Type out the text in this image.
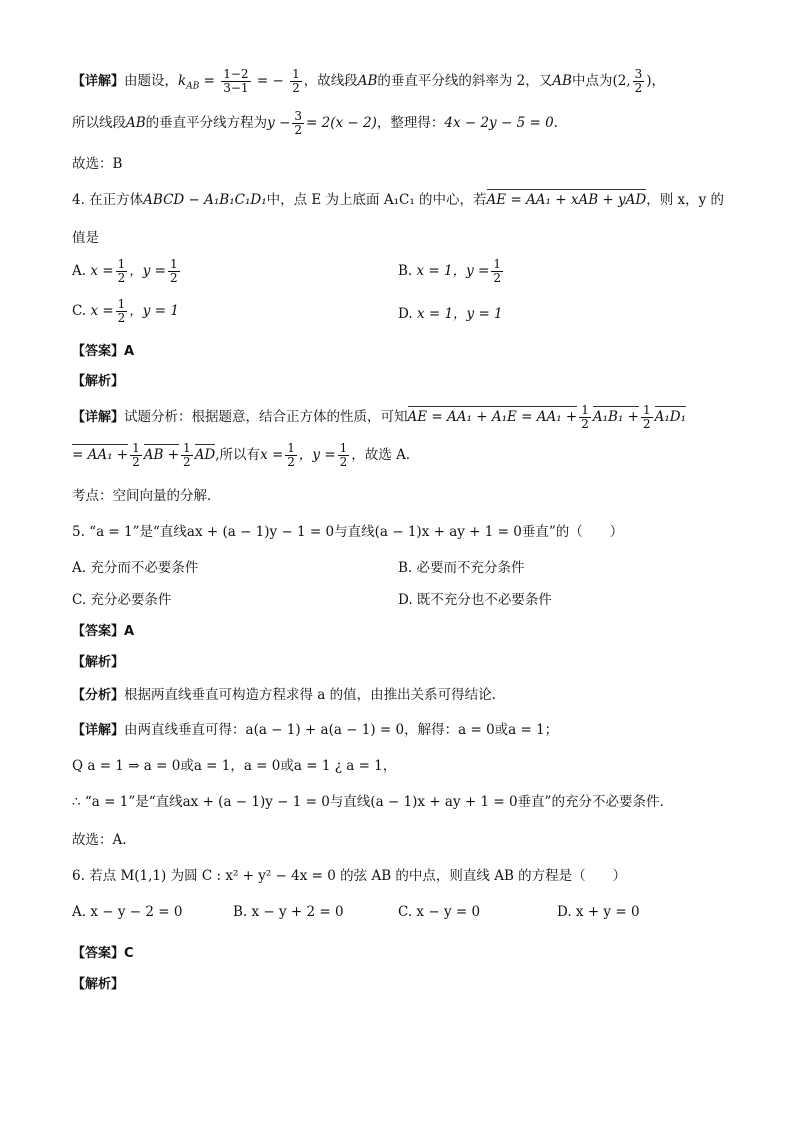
【详解】由题设，$k_{AB} = \frac{1-2}{3-1}$ = − $\frac{1}{2}$ ，故线段AB的垂直平分线的斜率为 2，又AB中点为(2, $\frac{3}{2}$ )，
所以线段AB的垂直平分线方程为$y - \frac{3}{2} = 2(x - 2)$，整理得：4x − 2y − 5 = 0.
故选：B
4. 在正方体ABCD − A₁B₁C₁D₁中，点 E 为上底面 A₁C₁ 的中心，若AE = AA₁ + xAB + yAD，则 x，y 的
值是
A. $x = \frac{1}{2}$ ，$y = \frac{1}{2}$	B. x = 1，$y = \frac{1}{2}$
C. $x = \frac{1}{2}$ ，y = 1	D. x = 1，y = 1
【答案】A
【解析】
【详解】试题分析：根据题意，结合正方体的性质，可知AE = $AA_1 + A_1E = AA_1 + \frac{1}{2} A_1B_1 + \frac{1}{2} A_1D_1$
= $AA_1 + \frac{1}{2}$ AB + $\frac{1}{2}$ AD,所以有$x = \frac{1}{2}$ ，$y = \frac{1}{2}$ ，故选 A．
考点：空间向量的分解．
5. “a = 1”是“直线ax + (a − 1)y − 1 = 0与直线(a − 1)x + ay + 1 = 0垂直”的（　　）
A. 充分而不必要条件	B. 必要而不充分条件
C. 充分必要条件	D. 既不充分也不必要条件
【答案】A
【解析】
【分析】根据两直线垂直可构造方程求得 a 的值，由推出关系可得结论.
【详解】由两直线垂直可得：a(a − 1) + a(a − 1) = 0，解得：a = 0或a = 1；
Q a = 1 ⇒ a = 0或a = 1，a = 0或a = 1 ¿ a = 1，
∴ “a = 1”是“直线ax + (a − 1)y − 1 = 0与直线(a − 1)x + ay + 1 = 0垂直”的充分不必要条件.
故选：A.
6. 若点 M(1,1) 为圆 C : x² + y² − 4x = 0 的弦 AB 的中点，则直线 AB 的方程是（　　）
A. x − y − 2 = 0	B. x − y + 2 = 0	C. x − y = 0	D. x + y = 0
【答案】C
【解析】
